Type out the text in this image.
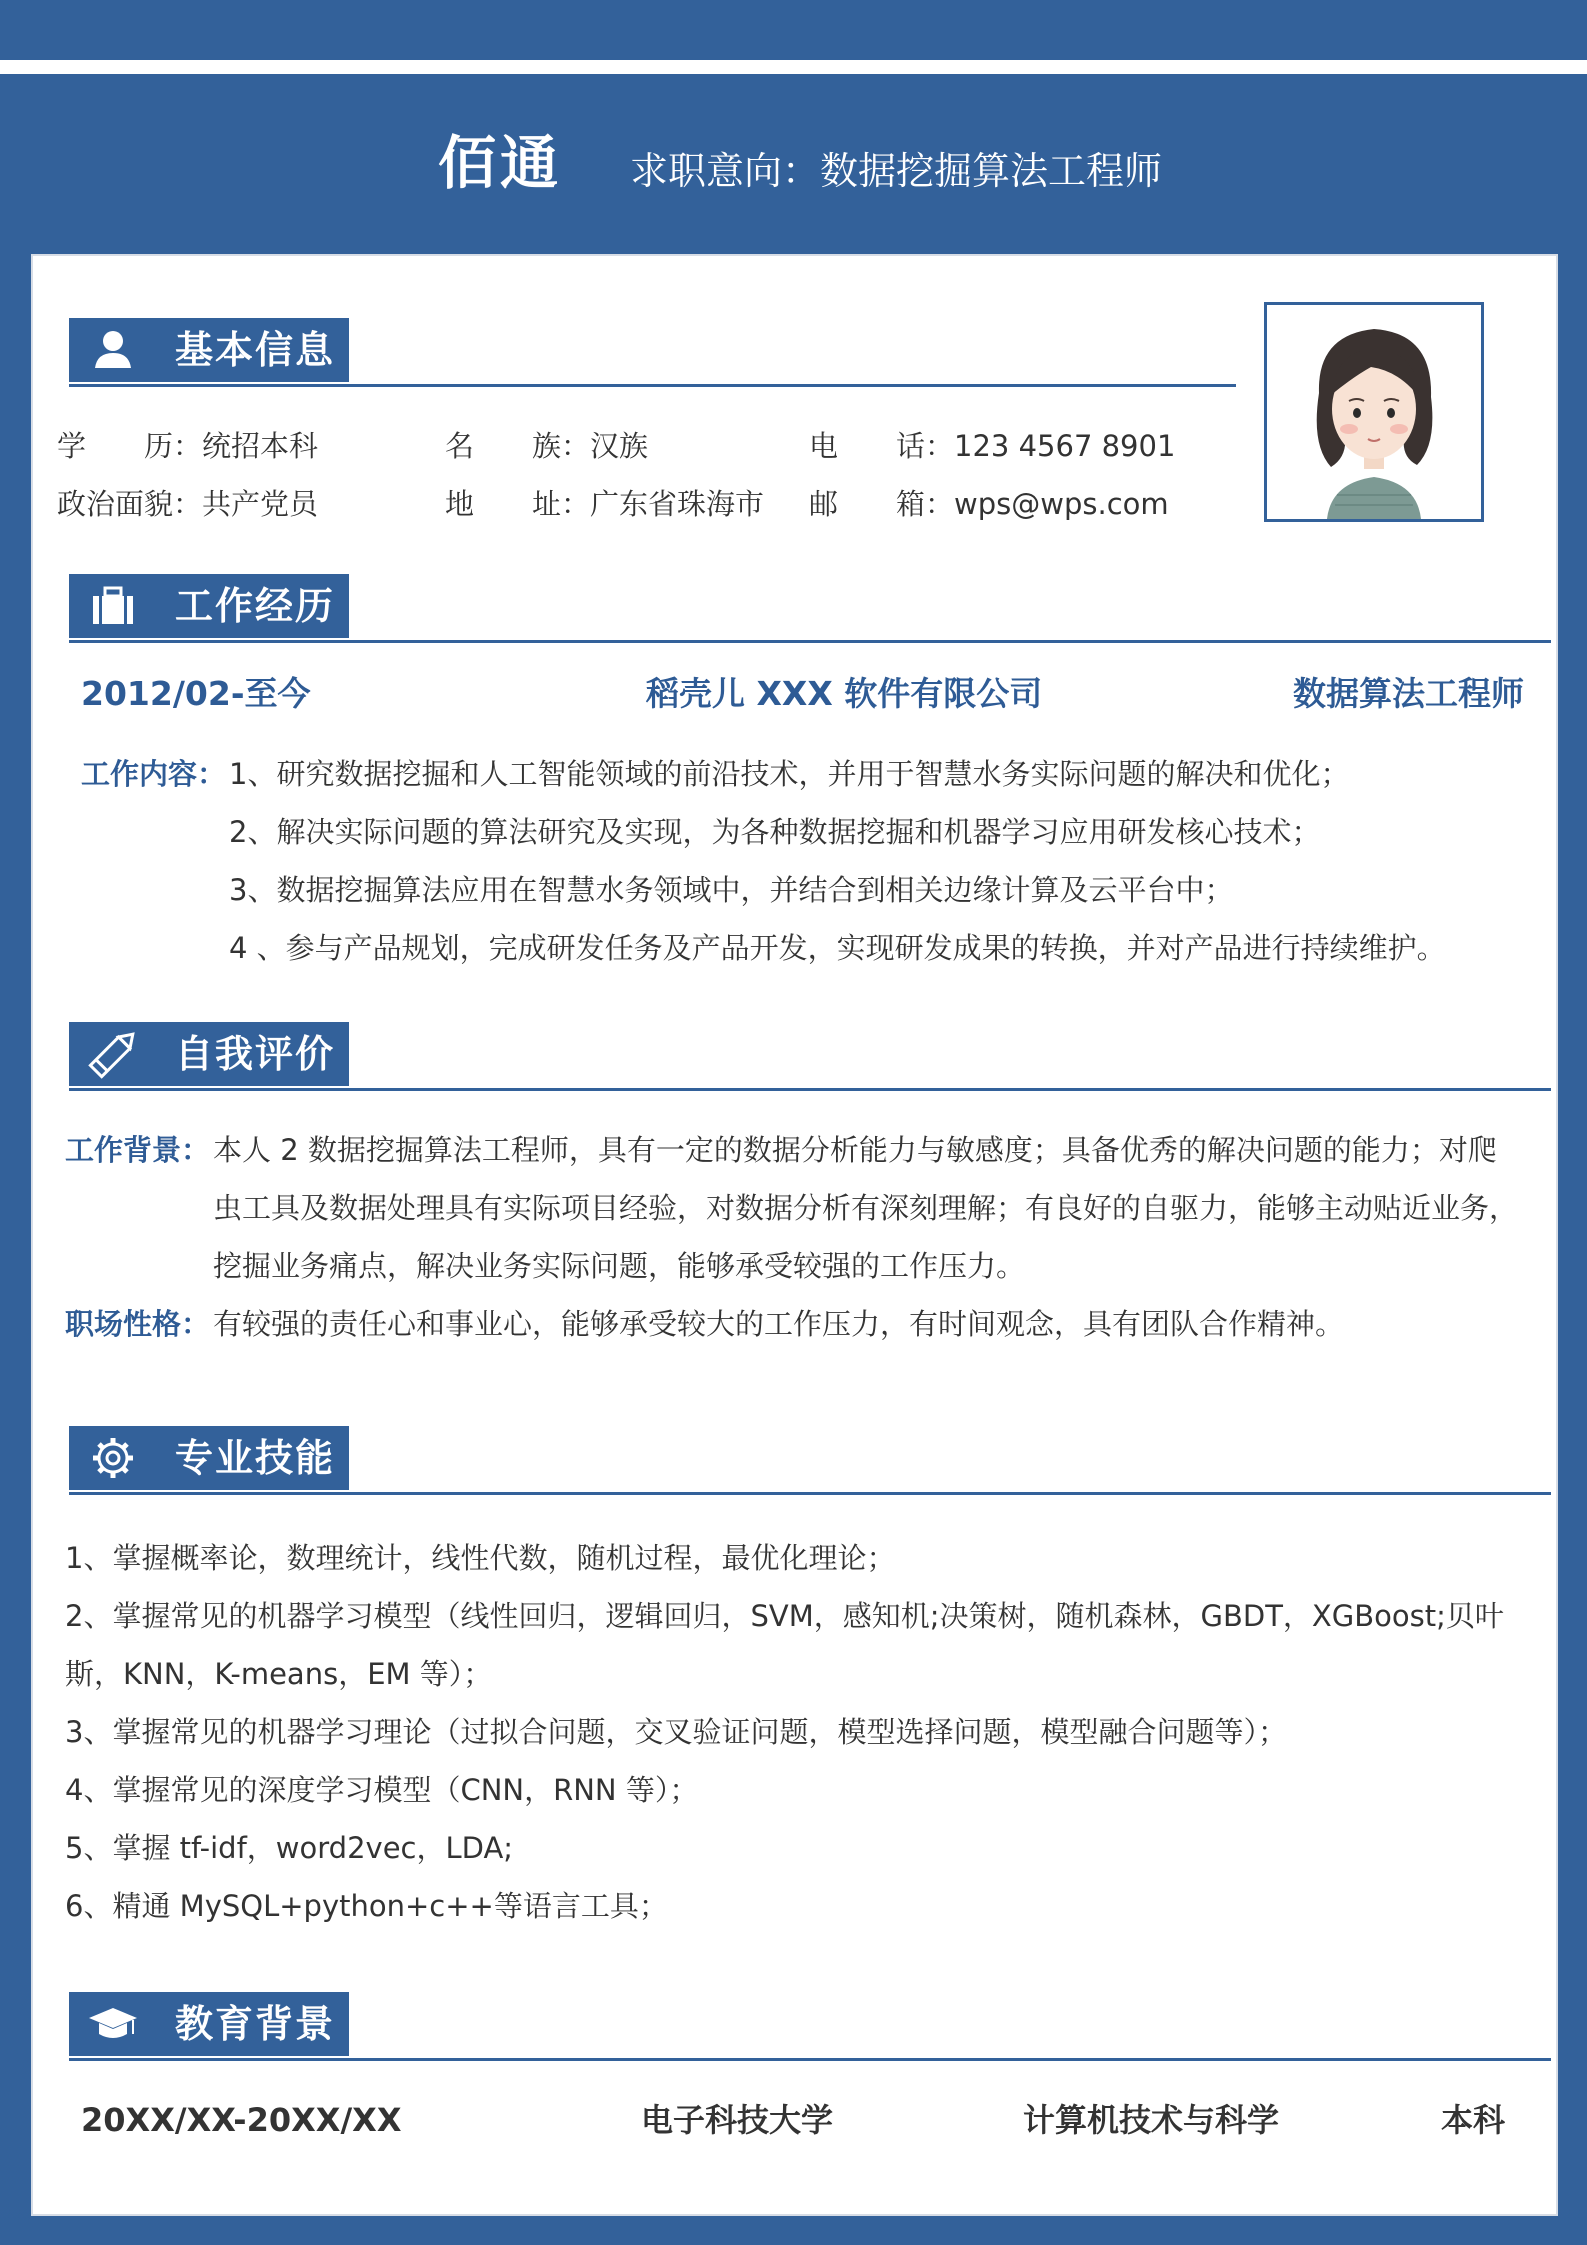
佰通 求职意向：数据挖掘算法工程师
基本信息
学　　历：统招本科	名　　族：汉族	电　　话：123 4567 8901
政治面貌：共产党员	地　　址：广东省珠海市 邮　　箱：wps@wps.com
工作经历
2012/02-至今	稻壳儿 XXX 软件有限公司	数据算法工程师
工作内容： 1、研究数据挖掘和人工智能领域的前沿技术，并用于智慧水务实际问题的解决和优化；
2、解决实际问题的算法研究及实现，为各种数据挖掘和机器学习应用研发核心技术；
3、数据挖掘算法应用在智慧水务领域中，并结合到相关边缘计算及云平台中；
4 、参与产品规划，完成研发任务及产品开发，实现研发成果的转换，并对产品进行持续维护。
自我评价
工作背景： 本人 2 数据挖掘算法工程师，具有一定的数据分析能力与敏感度；具备优秀的解决问题的能力；对爬
虫工具及数据处理具有实际项目经验，对数据分析有深刻理解；有良好的自驱力，能够主动贴近业务，
挖掘业务痛点，解决业务实际问题，能够承受较强的工作压力。
职场性格： 有较强的责任心和事业心，能够承受较大的工作压力，有时间观念，具有团队合作精神。
专业技能
1、掌握概率论，数理统计，线性代数，随机过程，最优化理论；
2、掌握常见的机器学习模型（线性回归，逻辑回归，SVM，感知机;决策树，随机森林，GBDT，XGBoost;贝叶
斯，KNN，K-means，EM 等）；
3、掌握常见的机器学习理论（过拟合问题，交叉验证问题，模型选择问题，模型融合问题等）；
4、掌握常见的深度学习模型（CNN，RNN 等）；
5、掌握 tf-idf，word2vec，LDA;
6、精通 MySQL+python+c++等语言工具；
教育背景
20XX/XX-20XX/XX	电子科技大学	计算机技术与科学	本科
